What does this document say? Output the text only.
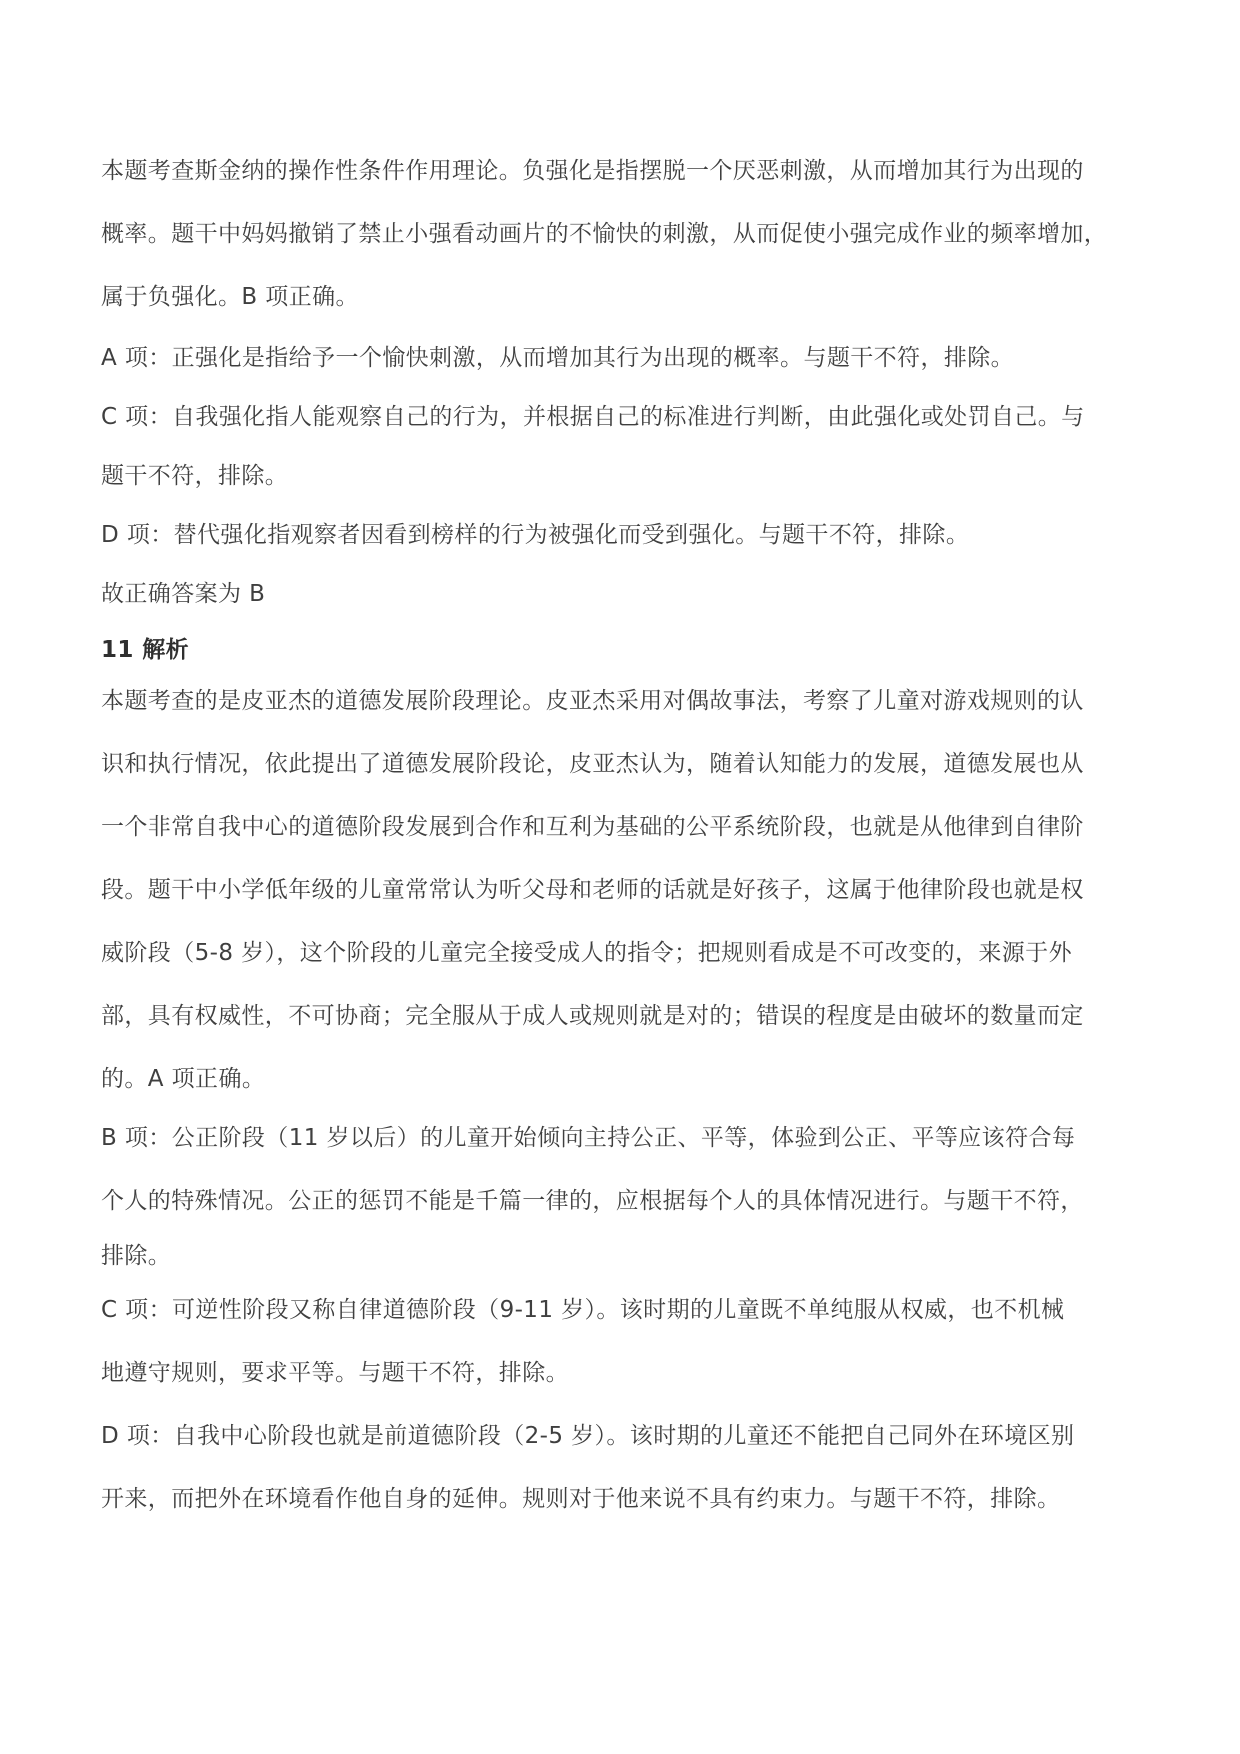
本题考查斯金纳的操作性条件作用理论。负强化是指摆脱一个厌恶刺激，从而增加其行为出现的
概率。题干中妈妈撤销了禁止小强看动画片的不愉快的刺激，从而促使小强完成作业的频率增加，
属于负强化。B 项正确。

A 项：正强化是指给予一个愉快刺激，从而增加其行为出现的概率。与题干不符，排除。

C 项：自我强化指人能观察自己的行为，并根据自己的标准进行判断，由此强化或处罚自己。与
题干不符，排除。

D 项：替代强化指观察者因看到榜样的行为被强化而受到强化。与题干不符，排除。

故正确答案为 B

11 解析

本题考查的是皮亚杰的道德发展阶段理论。皮亚杰采用对偶故事法，考察了儿童对游戏规则的认
识和执行情况，依此提出了道德发展阶段论，皮亚杰认为，随着认知能力的发展，道德发展也从
一个非常自我中心的道德阶段发展到合作和互利为基础的公平系统阶段，也就是从他律到自律阶
段。题干中小学低年级的儿童常常认为听父母和老师的话就是好孩子，这属于他律阶段也就是权
威阶段（5-8 岁），这个阶段的儿童完全接受成人的指令；把规则看成是不可改变的，来源于外
部，具有权威性，不可协商；完全服从于成人或规则就是对的；错误的程度是由破坏的数量而定
的。A 项正确。

B 项：公正阶段（11 岁以后）的儿童开始倾向主持公正、平等，体验到公正、平等应该符合每
个人的特殊情况。公正的惩罚不能是千篇一律的，应根据每个人的具体情况进行。与题干不符，
排除。

C 项：可逆性阶段又称自律道德阶段（9-11 岁）。该时期的儿童既不单纯服从权威，也不机械
地遵守规则，要求平等。与题干不符，排除。

D 项：自我中心阶段也就是前道德阶段（2-5 岁）。该时期的儿童还不能把自己同外在环境区别
开来，而把外在环境看作他自身的延伸。规则对于他来说不具有约束力。与题干不符，排除。
